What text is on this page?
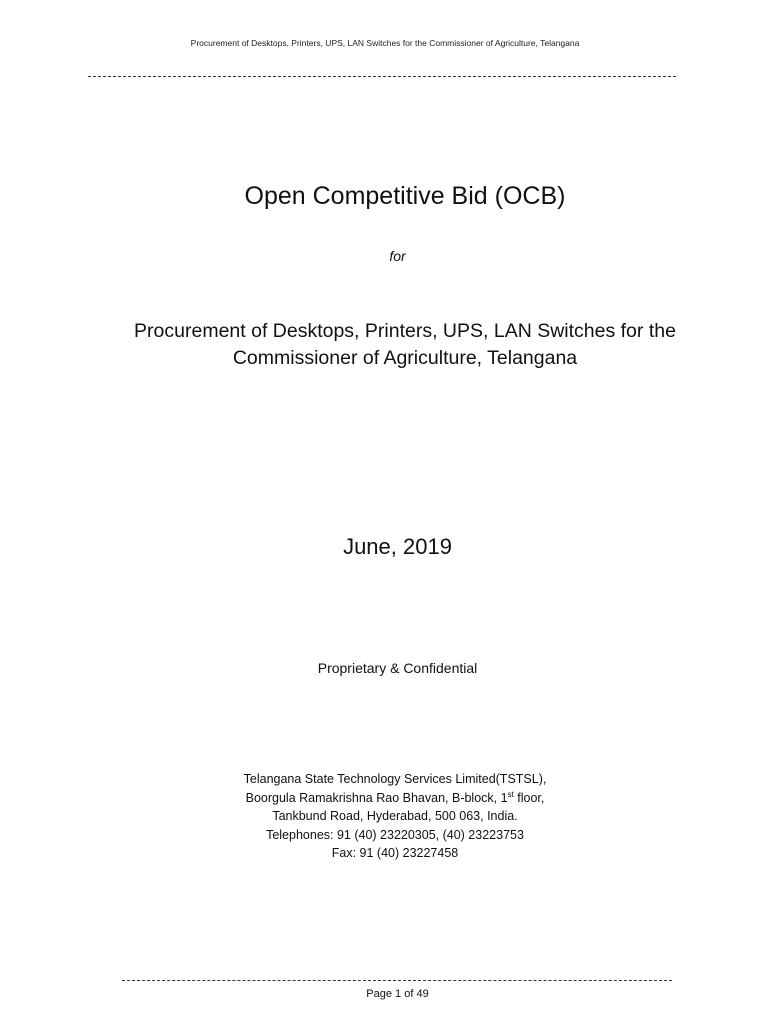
Procurement of Desktops, Printers, UPS, LAN Switches for the Commissioner of Agriculture, Telangana
Open Competitive Bid (OCB)
for
Procurement of Desktops, Printers, UPS, LAN Switches for the
Commissioner of Agriculture, Telangana
June, 2019
Proprietary & Confidential
Telangana State Technology Services Limited(TSTSL),
Boorgula Ramakrishna Rao Bhavan, B-block, 1st floor,
Tankbund Road, Hyderabad, 500 063, India.
Telephones: 91 (40) 23220305, (40) 23223753
Fax: 91 (40) 23227458
Page 1 of 49
